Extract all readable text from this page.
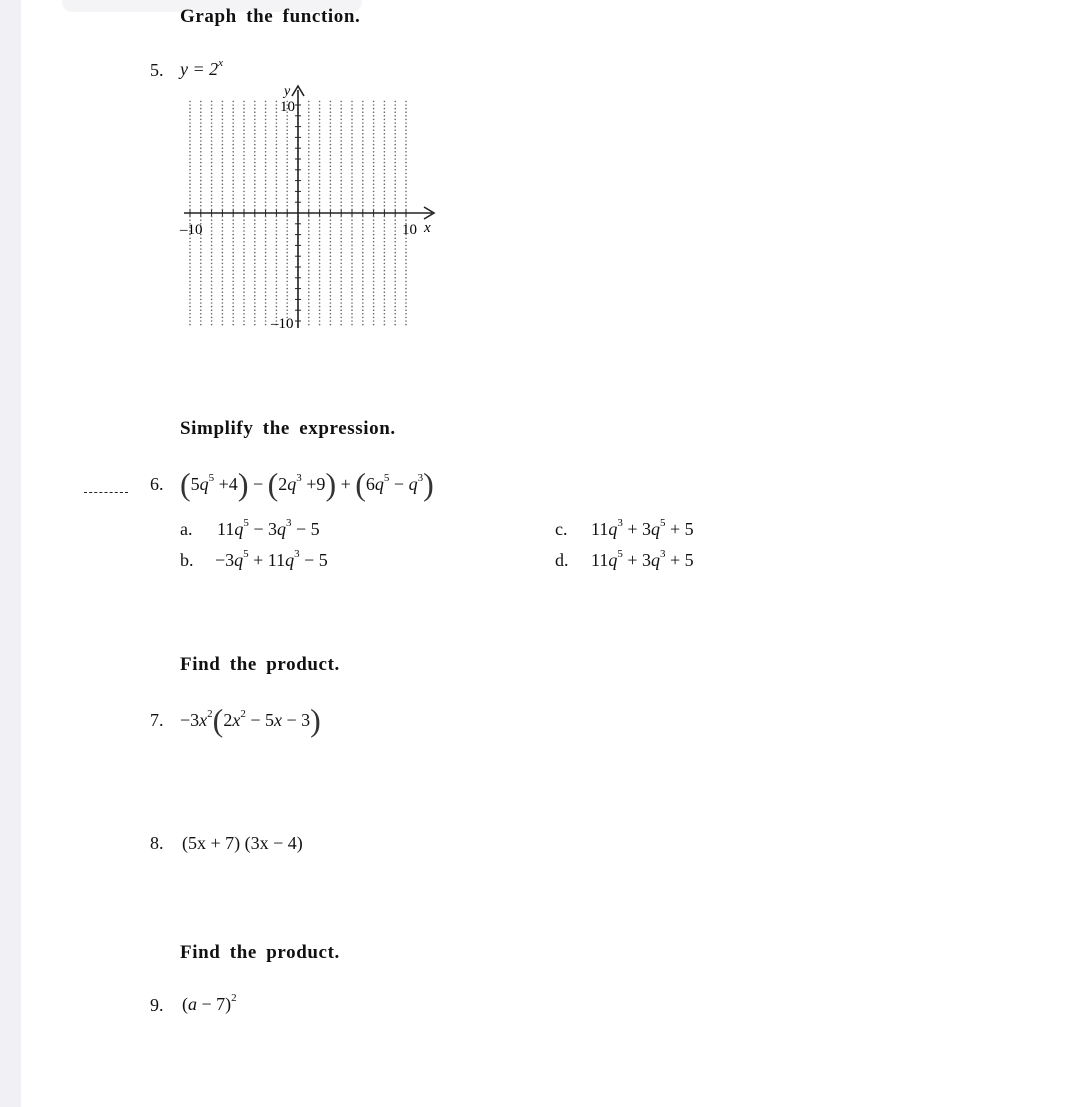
Graph the function.
5. $y = 2^x$
–10	10 x
10
y
–10
Simplify the expression.
6. $(5q^5 +4) - (2q^3 +9) + (6q^5 - q^3)$
a. $11q^5 - 3q^3 - 5$
b. $-3q^5 + 11q^3 - 5$
c. $11q^3 + 3q^5 + 5$
d. $11q^5 + 3q^3 + 5$
Find the product.
7. $-3x^2(2x^2 - 5x - 3)$
8. (5x + 7) (3x − 4)
Find the product.
9. $(a - 7)^2$
